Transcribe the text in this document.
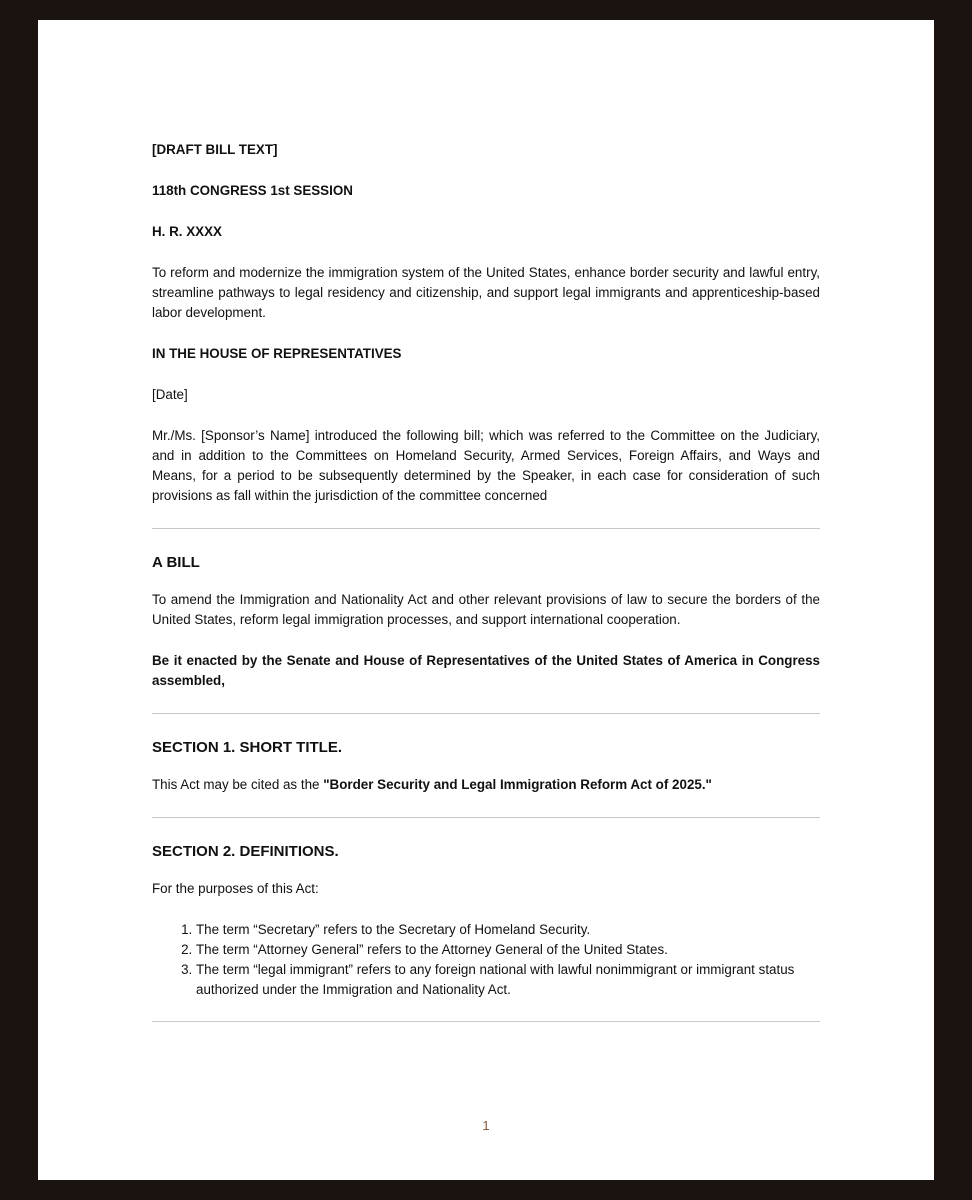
[DRAFT BILL TEXT]

118th CONGRESS 1st SESSION

H. R. XXXX

To reform and modernize the immigration system of the United States, enhance border security and lawful entry, streamline pathways to legal residency and citizenship, and support legal immigrants and apprenticeship-based labor development.

IN THE HOUSE OF REPRESENTATIVES

[Date]

Mr./Ms. [Sponsor’s Name] introduced the following bill; which was referred to the Committee on the Judiciary, and in addition to the Committees on Homeland Security, Armed Services, Foreign Affairs, and Ways and Means, for a period to be subsequently determined by the Speaker, in each case for consideration of such provisions as fall within the jurisdiction of the committee concerned

A BILL

To amend the Immigration and Nationality Act and other relevant provisions of law to secure the borders of the United States, reform legal immigration processes, and support international cooperation.

Be it enacted by the Senate and House of Representatives of the United States of America in Congress assembled,

SECTION 1. SHORT TITLE.

This Act may be cited as the "Border Security and Legal Immigration Reform Act of 2025."

SECTION 2. DEFINITIONS.

For the purposes of this Act:

1. The term “Secretary” refers to the Secretary of Homeland Security.
2. The term “Attorney General” refers to the Attorney General of the United States.
3. The term “legal immigrant” refers to any foreign national with lawful nonimmigrant or immigrant status authorized under the Immigration and Nationality Act.
1
